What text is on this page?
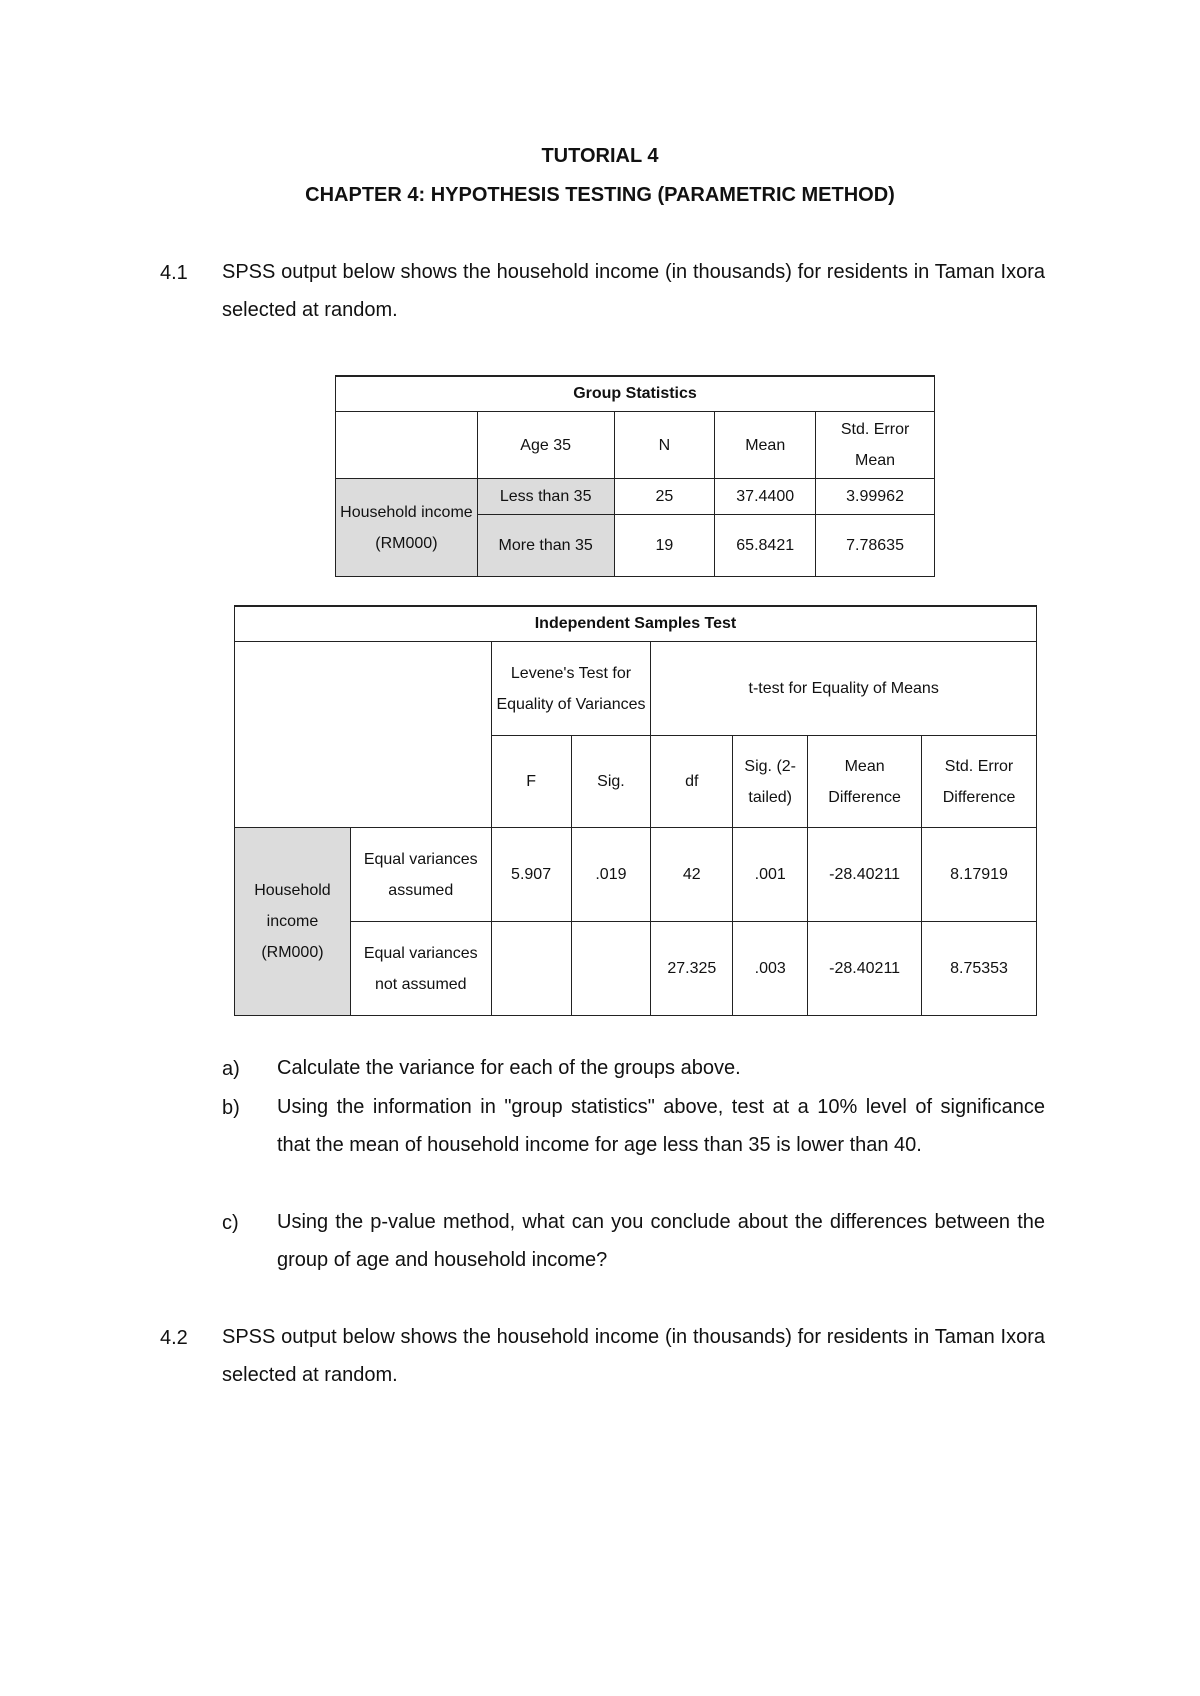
TUTORIAL 4
CHAPTER 4: HYPOTHESIS TESTING (PARAMETRIC METHOD)
4.1 SPSS output below shows the household income (in thousands) for residents in Taman Ixora selected at random.
Group Statistics				
	Age 35	N	Mean	Std. Error Mean
Household income (RM000)	Less than 35	25	37.4400	3.99962
	More than 35	19	65.8421	7.78635
Independent Samples Test							
		Levene's Test for Equality of Variances		t-test for Equality of Means			
		F	Sig.	df	Sig. (2-tailed)	Mean Difference	Std. Error Difference
Household income (RM000)	Equal variances assumed	5.907	.019	42	.001	-28.40211	8.17919
	Equal variances not assumed			27.325	.003	-28.40211	8.75353
a) Calculate the variance for each of the groups above.
b) Using the information in "group statistics" above, test at a 10% level of significance that the mean of household income for age less than 35 is lower than 40.
c) Using the p-value method, what can you conclude about the differences between the group of age and household income?
4.2 SPSS output below shows the household income (in thousands) for residents in Taman Ixora selected at random.
